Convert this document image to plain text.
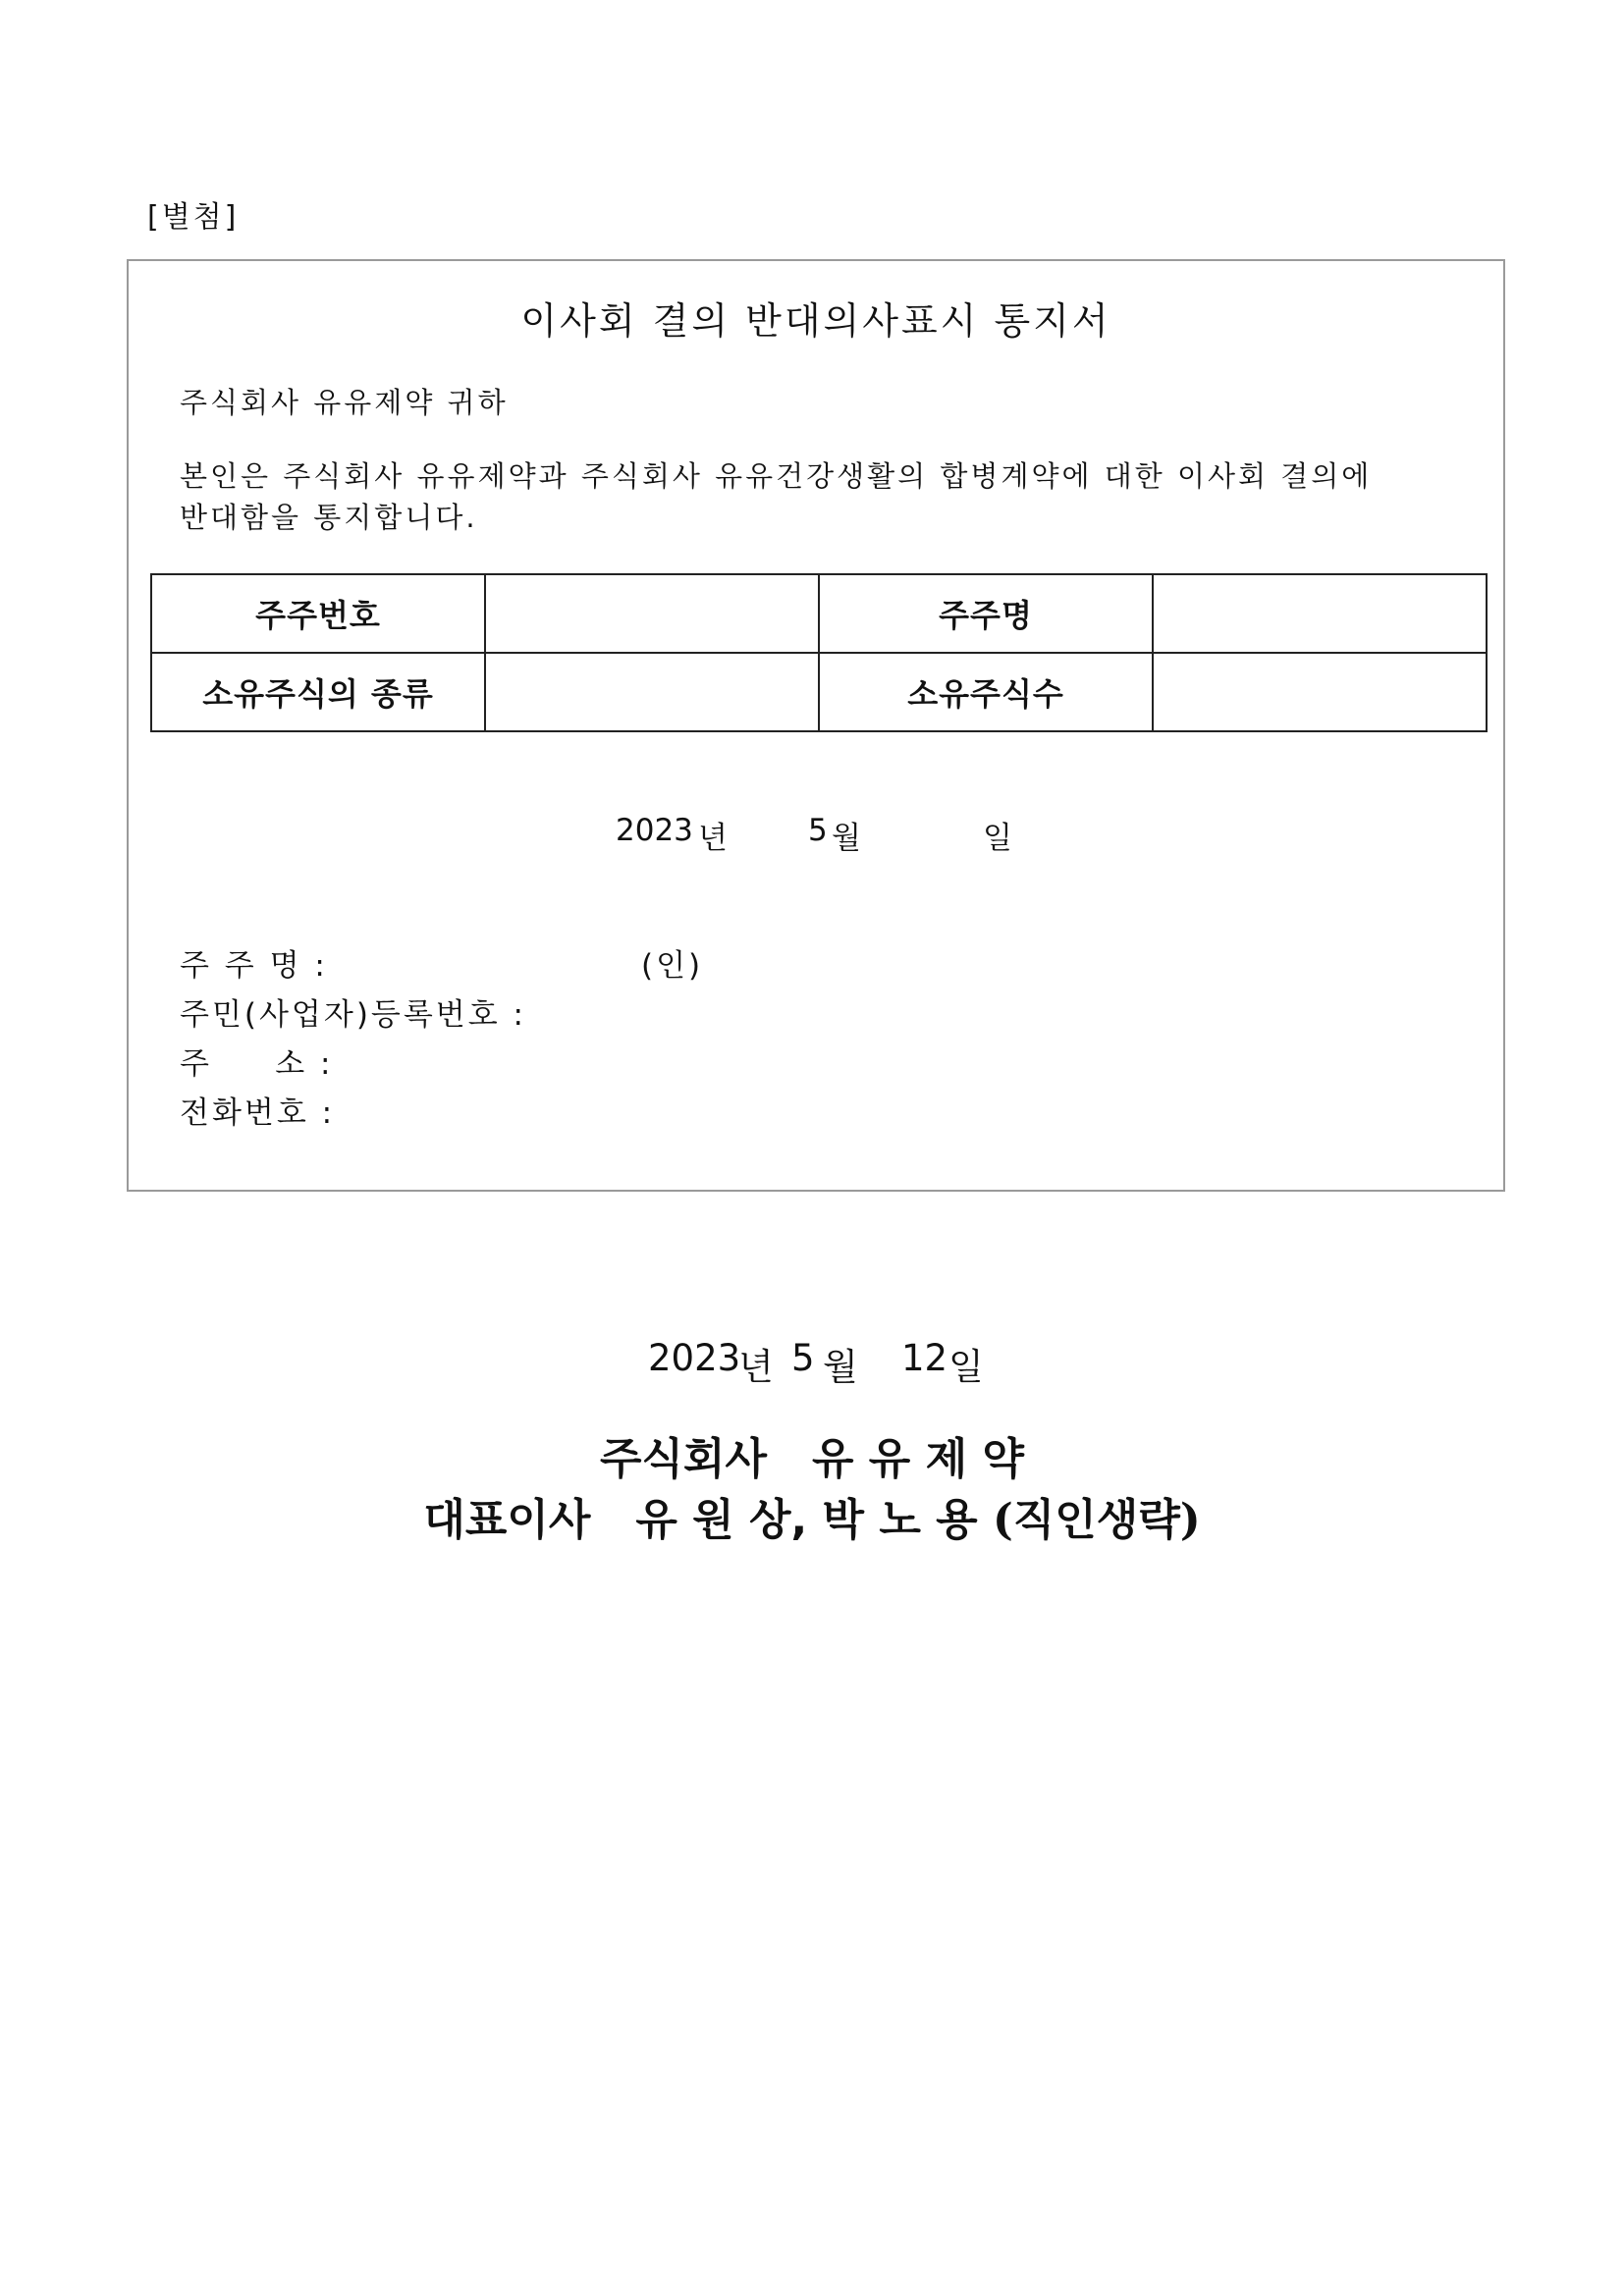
[별첨]
이사회 결의 반대의사표시 통지서
주식회사 유유제약 귀하
본인은 주식회사 유유제약과 주식회사 유유건강생활의 합병계약에 대한 이사회 결의에
반대함을 통지합니다.
주주번호		주주명	
소유주식의 종류		소유주식수	
2023 년	5 월	일
주 주 명 :	(인)
주민(사업자)등록번호 :
주     소 :
전화번호 :
2023
년 5 월 12 일
주식회사   유 유 제 약
대표이사   유 원 상, 박 노 용 (직인생략)
